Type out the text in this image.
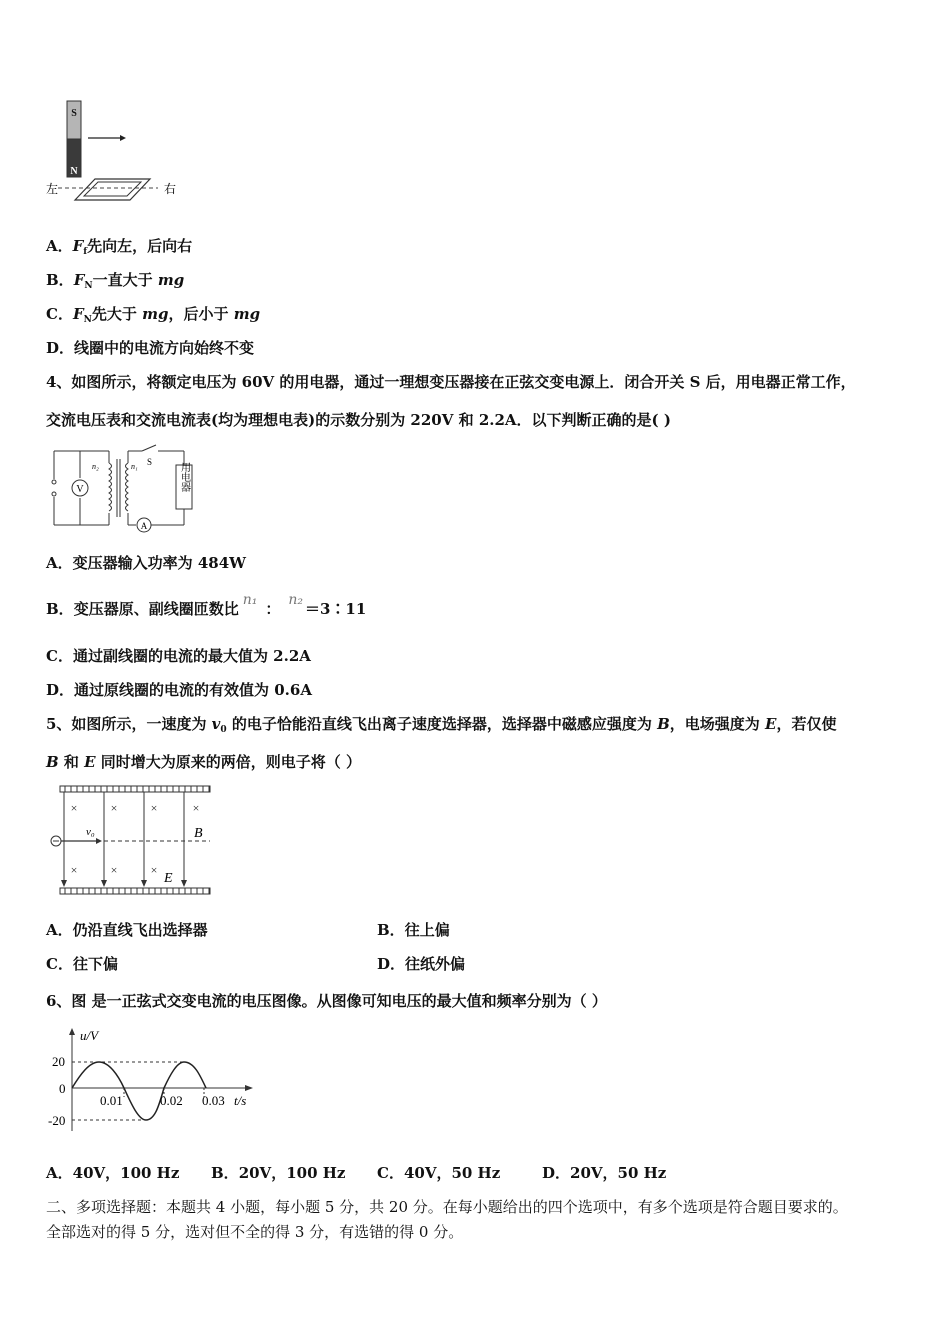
S
N
左	右
A．$F_f$先向左，后向右
B．$F_N$一直大于 mg
C．$F_N$先大于 mg，后小于 mg
D．线圈中的电流方向始终不变
4、如图所示，将额定电压为 60V 的用电器，通过一理想变压器接在正弦交变电源上．闭合开关 S 后，用电器正常工作，
交流电压表和交流电流表(均为理想电表)的示数分别为 220V 和 2.2A．以下判断正确的是( )
V
n₂	n₁ S	用电器
A
A．变压器输入功率为 484W
B．变压器原、副线圈匝数比 n₁ ： n₂ ＝3∶11
C．通过副线圈的电流的最大值为 2.2A
D．通过原线圈的电流的有效值为 0.6A
5、如图所示，一速度为 $v_0$ 的电子恰能沿直线飞出离子速度选择器，选择器中磁感应强度为 B，电场强度为 E，若仅使
B 和 E 同时增大为原来的两倍，则电子将（ ）
×	×	×	×
×	×	×
v₀	B
E
A．仍沿直线飞出选择器	B．往上偏
C．往下偏	D．往纸外偏
6、图 是一正弦式交变电流的电压图像。从图像可知电压的最大值和频率分别为（ ）
u/V
t/s
20
0
-20
0.01	0.02 0.03
A．40V，100 Hz B．20V，100 Hz C．40V，50 Hz	D．20V，50 Hz
二、多项选择题：本题共 4 小题，每小题 5 分，共 20 分。在每小题给出的四个选项中，有多个选项是符合题目要求的。
全部选对的得 5 分，选对但不全的得 3 分，有选错的得 0 分。
